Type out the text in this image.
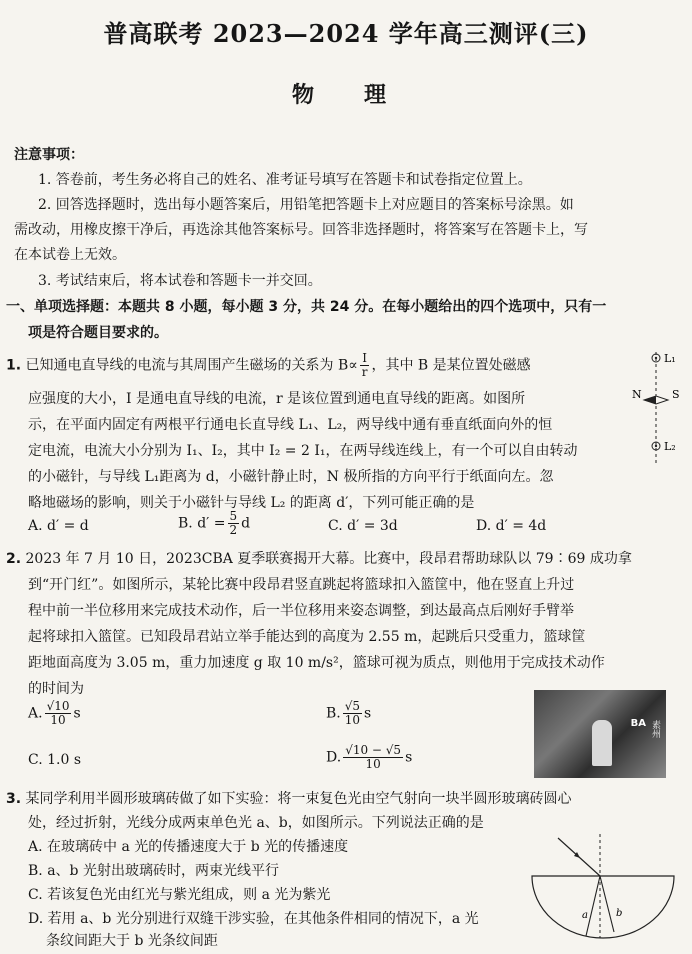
普高联考 2023—2024 学年高三测评(三)
物　理
注意事项：
1. 答卷前，考生务必将自己的姓名、准考证号填写在答题卡和试卷指定位置上。
2. 回答选择题时，选出每小题答案后，用铅笔把答题卡上对应题目的答案标号涂黑。如
需改动，用橡皮擦干净后，再选涂其他答案标号。回答非选择题时，将答案写在答题卡上，写
在本试卷上无效。
3. 考试结束后，将本试卷和答题卡一并交回。
一、单项选择题：本题共 8 小题，每小题 3 分，共 24 分。在每小题给出的四个选项中，只有一
项是符合题目要求的。
1. 已知通电直导线的电流与其周围产生磁场的关系为 $B\propto \frac{I}{r}$ ，其中 B 是某位置处磁感
应强度的大小，I 是通电直导线的电流，r 是该位置到通电直导线的距离。如图所
示，在平面内固定有两根平行通电长直导线 L₁、L₂，两导线中通有垂直纸面向外的恒
定电流，电流大小分别为 I₁、I₂，其中 I₂ = 2 I₁，在两导线连线上，有一个可以自由转动
的小磁针，与导线 L₁距离为 d，小磁针静止时，N 极所指的方向平行于纸面向左。忽
略地磁场的影响，则关于小磁针与导线 L₂ 的距离 d′，下列可能正确的是
A. d′ = d	B. $d' = \frac{5}{2}$ d	C. d′ = 3d	D. d′ = 4d
L₁
N	S
L₂
2. 2023 年 7 月 10 日，2023CBA 夏季联赛揭开大幕。比赛中，段昂君帮助球队以 79∶69 成功拿
到“开门红”。如图所示，某轮比赛中段昂君竖直跳起将篮球扣入篮筐中，他在竖直上升过
程中前一半位移用来完成技术动作，后一半位移用来姿态调整，到达最高点后刚好手臂举
起将球扣入篮筐。已知段昂君站立举手能达到的高度为 2.55 m，起跳后只受重力，篮球筐
距地面高度为 3.05 m，重力加速度 g 取 10 m/s²，篮球可视为质点，则他用于完成技术动作
的时间为
A. $\frac{√10}{10}$ s	B. $\frac{√5}{10}$ s
C. 1.0 s	D. $\frac{√10 - √5}{10}$ s
BA 素州
3. 某同学利用半圆形玻璃砖做了如下实验：将一束复色光由空气射向一块半圆形玻璃砖圆心
处，经过折射，光线分成两束单色光 a、b，如图所示。下列说法正确的是
A. 在玻璃砖中 a 光的传播速度大于 b 光的传播速度
B. a、b 光射出玻璃砖时，两束光线平行
C. 若该复色光由红光与紫光组成，则 a 光为紫光
D. 若用 a、b 光分别进行双缝干涉实验，在其他条件相同的情况下，a 光
条纹间距大于 b 光条纹间距
a	b
